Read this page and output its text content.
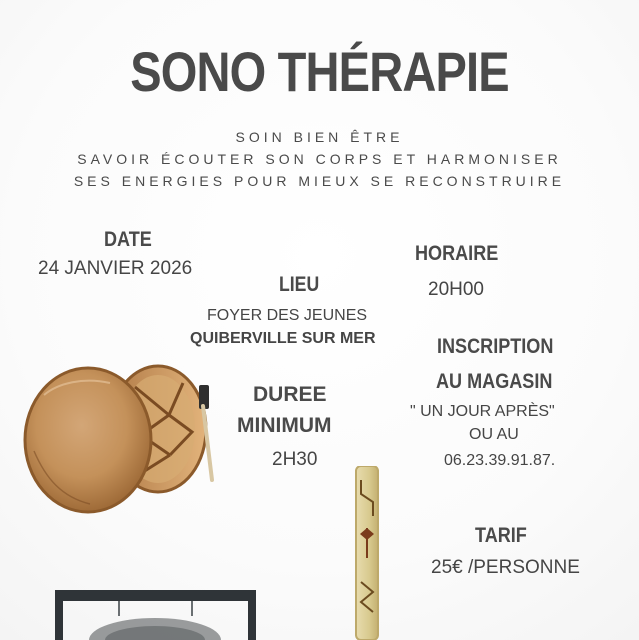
SONO THÉRAPIE
SOIN BIEN ÊTRE
SAVOIR ÉCOUTER SON CORPS ET HARMONISER
SES ENERGIES POUR MIEUX SE RECONSTRUIRE
DATE
24 JANVIER 2026
LIEU
FOYER DES JEUNES
QUIBERVILLE SUR MER
DUREE
MINIMUM
2H30
HORAIRE
20H00
INSCRIPTION
AU MAGASIN
" UN JOUR APRÈS"
OU AU
06.23.39.91.87.
TARIF
25€ /PERSONNE
